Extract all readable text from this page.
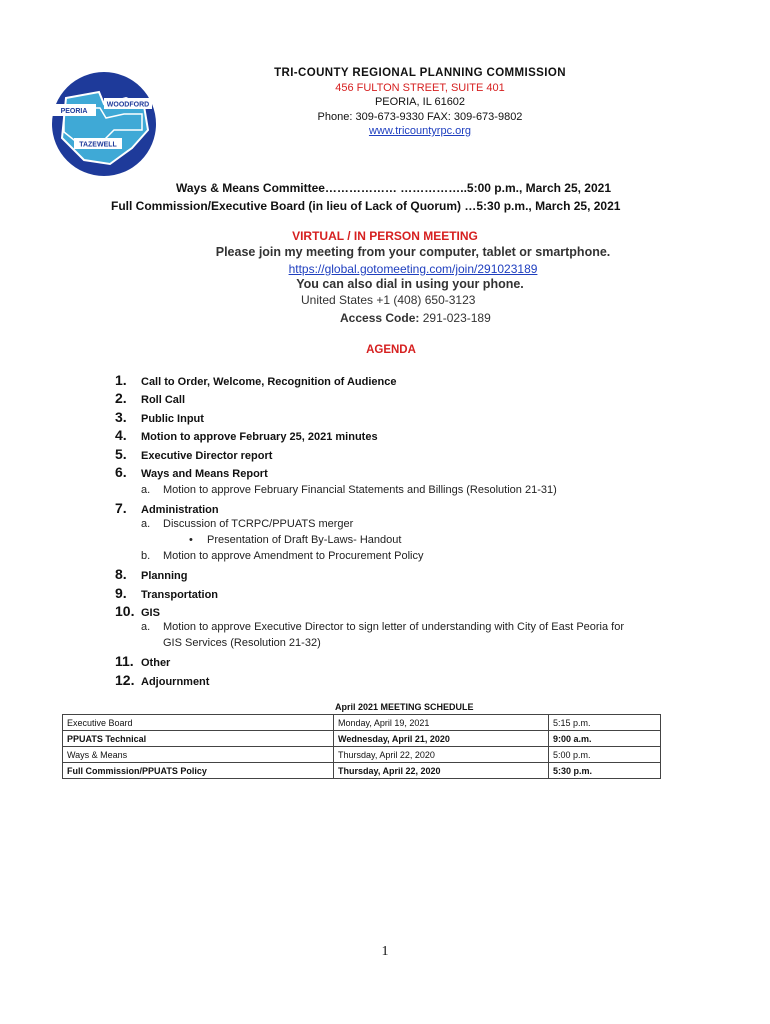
PEORIA
WOODFORD
TAZEWELL
TRI-COUNTY REGIONAL PLANNING COMMISSION
456 FULTON STREET, SUITE 401
PEORIA, IL 61602
Phone: 309-673-9330 FAX: 309-673-9802
www.tricountyrpc.org
Ways & Means Committee……………… ……………..5:00 p.m., March 25, 2021
Full Commission/Executive Board (in lieu of Lack of Quorum) …5:30 p.m., March 25, 2021
VIRTUAL / IN PERSON MEETING
Please join my meeting from your computer, tablet or smartphone.
https://global.gotomeeting.com/join/291023189
You can also dial in using your phone.
United States +1 (408) 650-3123
Access Code: 291-023-189
AGENDA
1. Call to Order, Welcome, Recognition of Audience
2. Roll Call
3. Public Input
4. Motion to approve February 25, 2021 minutes
5. Executive Director report
6. Ways and Means Report
a. Motion to approve February Financial Statements and Billings (Resolution 21-31)
7. Administration
a. Discussion of TCRPC/PPUATS merger
• Presentation of Draft By-Laws- Handout
b. Motion to approve Amendment to Procurement Policy
8. Planning
9. Transportation
10. GIS
a. Motion to approve Executive Director to sign letter of understanding with City of East Peoria for
GIS Services (Resolution 21-32)
11. Other
12. Adjournment
April 2021 MEETING SCHEDULE
Executive Board	Monday, April 19, 2021	5:15 p.m.
PPUATS Technical	Wednesday, April 21, 2020	9:00 a.m.
Ways & Means	Thursday, April 22, 2020	5:00 p.m.
Full Commission/PPUATS Policy	Thursday, April 22, 2020	5:30 p.m.
1
